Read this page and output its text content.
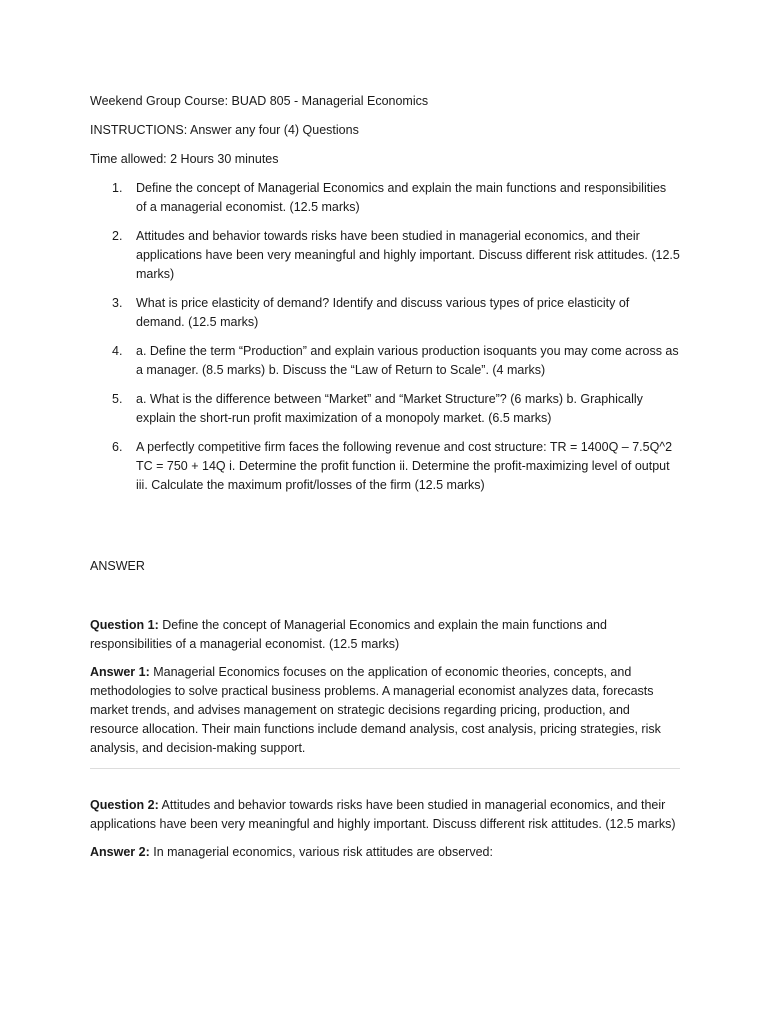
Weekend Group Course: BUAD 805 - Managerial Economics
INSTRUCTIONS: Answer any four (4) Questions
Time allowed: 2 Hours 30 minutes
1. Define the concept of Managerial Economics and explain the main functions and responsibilities of a managerial economist. (12.5 marks)
2. Attitudes and behavior towards risks have been studied in managerial economics, and their applications have been very meaningful and highly important. Discuss different risk attitudes. (12.5 marks)
3. What is price elasticity of demand? Identify and discuss various types of price elasticity of demand. (12.5 marks)
4. a. Define the term “Production” and explain various production isoquants you may come across as a manager. (8.5 marks) b. Discuss the “Law of Return to Scale”. (4 marks)
5. a. What is the difference between “Market” and “Market Structure”? (6 marks) b. Graphically explain the short-run profit maximization of a monopoly market. (6.5 marks)
6. A perfectly competitive firm faces the following revenue and cost structure: TR = 1400Q – 7.5Q^2 TC = 750 + 14Q i. Determine the profit function ii. Determine the profit-maximizing level of output iii. Calculate the maximum profit/losses of the firm (12.5 marks)
ANSWER

Question 1: Define the concept of Managerial Economics and explain the main functions and responsibilities of a managerial economist. (12.5 marks)

Answer 1: Managerial Economics focuses on the application of economic theories, concepts, and methodologies to solve practical business problems. A managerial economist analyzes data, forecasts market trends, and advises management on strategic decisions regarding pricing, production, and resource allocation. Their main functions include demand analysis, cost analysis, pricing strategies, risk analysis, and decision-making support.

Question 2: Attitudes and behavior towards risks have been studied in managerial economics, and their applications have been very meaningful and highly important. Discuss different risk attitudes. (12.5 marks)

Answer 2: In managerial economics, various risk attitudes are observed:
